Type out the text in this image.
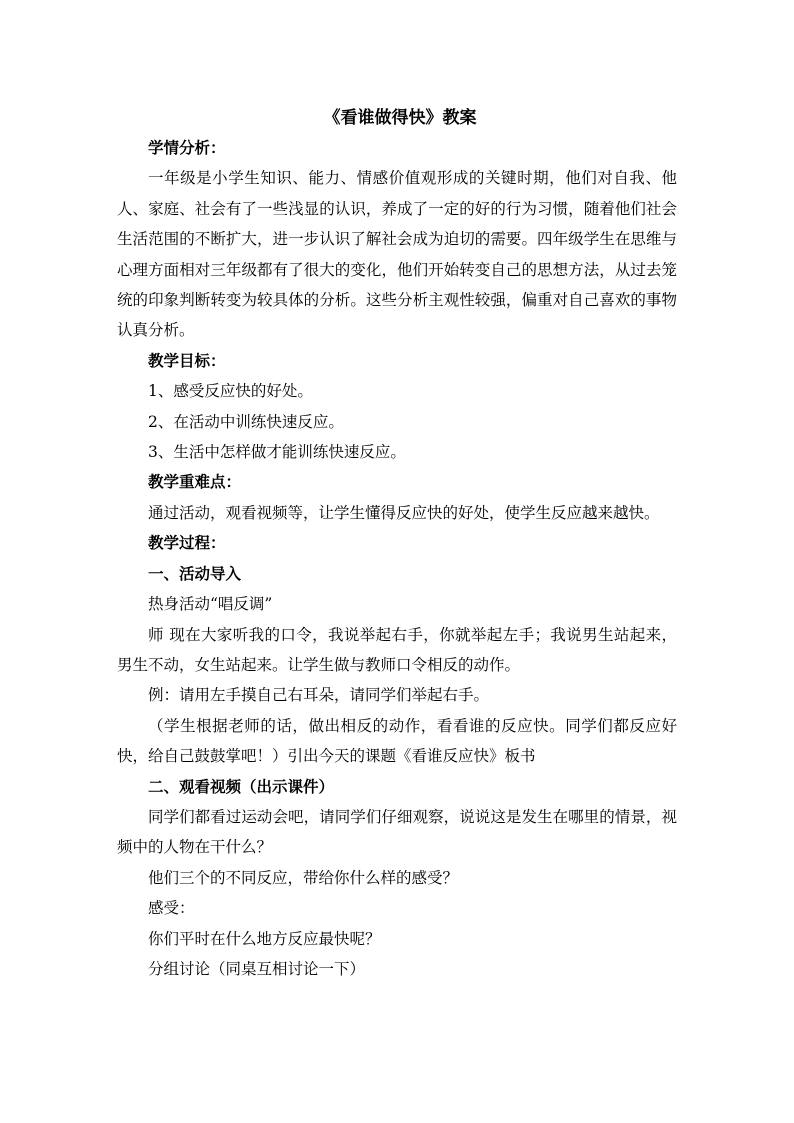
《看谁做得快》教案

学情分析：

一年级是小学生知识、能力、情感价值观形成的关键时期，他们对自我、他人、家庭、社会有了一些浅显的认识，养成了一定的好的行为习惯，随着他们社会生活范围的不断扩大，进一步认识了解社会成为迫切的需要。四年级学生在思维与心理方面相对三年级都有了很大的变化，他们开始转变自己的思想方法，从过去笼统的印象判断转变为较具体的分析。这些分析主观性较强，偏重对自己喜欢的事物认真分析。

教学目标：

1、感受反应快的好处。

2、在活动中训练快速反应。

3、生活中怎样做才能训练快速反应。

教学重难点：

通过活动，观看视频等，让学生懂得反应快的好处，使学生反应越来越快。

教学过程：

一、活动导入

热身活动“唱反调”

师 现在大家听我的口令，我说举起右手，你就举起左手；我说男生站起来，男生不动，女生站起来。让学生做与教师口令相反的动作。

例：请用左手摸自己右耳朵，请同学们举起右手。

（学生根据老师的话，做出相反的动作，看看谁的反应快。同学们都反应好快，给自己鼓鼓掌吧！）引出今天的课题《看谁反应快》板书

二、观看视频（出示课件）

同学们都看过运动会吧，请同学们仔细观察，说说这是发生在哪里的情景，视频中的人物在干什么？

他们三个的不同反应，带给你什么样的感受？

感受：

你们平时在什么地方反应最快呢？

分组讨论（同桌互相讨论一下）
